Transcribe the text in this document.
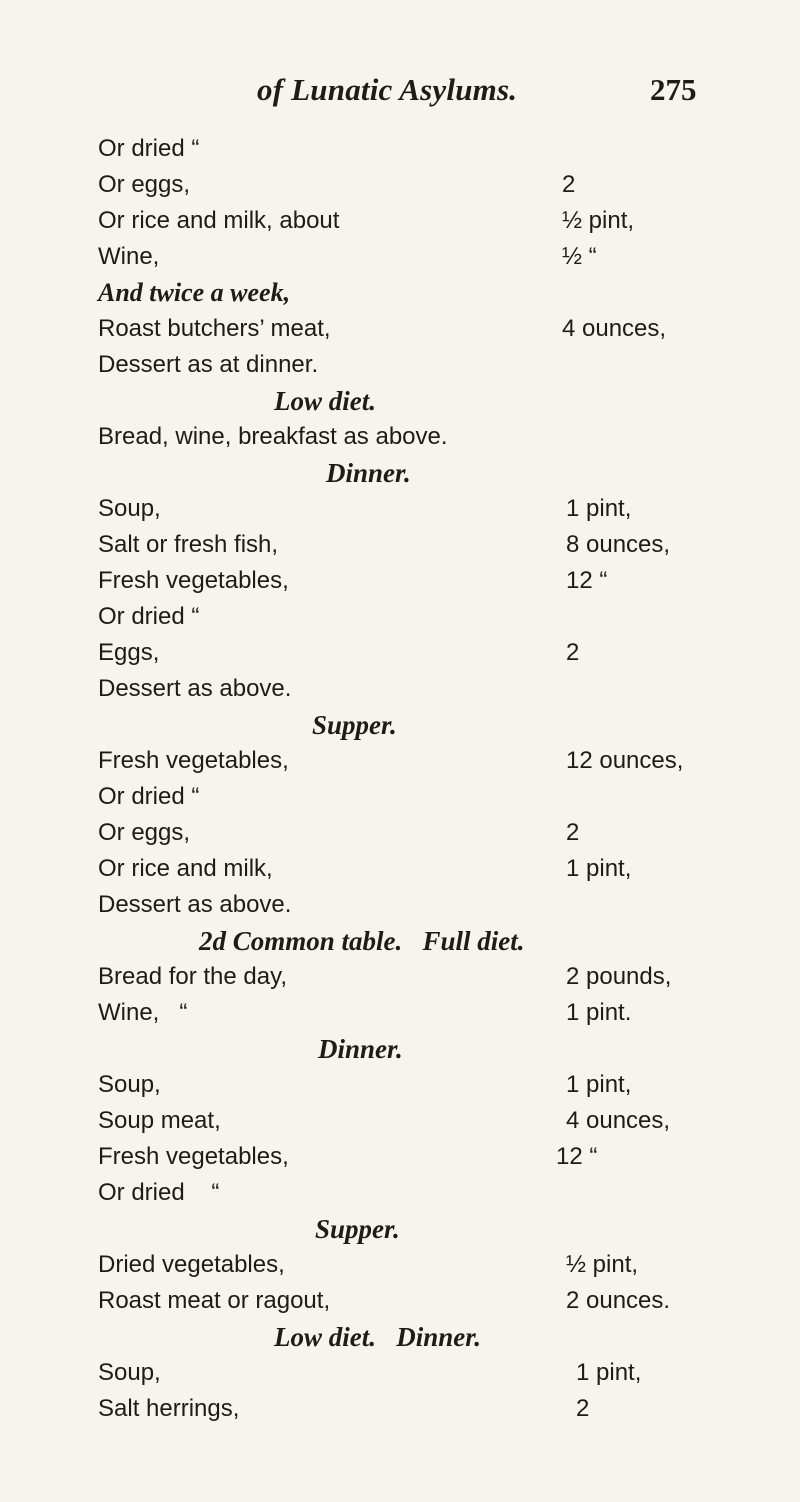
of Lunatic Asylums.	275
Or dried “
Or eggs,	2
Or rice and milk, about	½ pint,
Wine,	½ “
And twice a week,
Roast butchers’ meat,	4 ounces,
Dessert as at dinner.
Low diet.
Bread, wine, breakfast as above.
Dinner.
Soup,	1 pint,
Salt or fresh fish,	8 ounces,
Fresh vegetables,	12 “
Or dried “
Eggs,	2
Dessert as above.
Supper.
Fresh vegetables,	12 ounces,
Or dried “
Or eggs,	2
Or rice and milk,	1 pint,
Dessert as above.
2d Common table.   Full diet.
Bread for the day,	2 pounds,
Wine,   “	1 pint.
Dinner.
Soup,	1 pint,
Soup meat,	4 ounces,
Fresh vegetables,	12 “
Or dried    “
Supper.
Dried vegetables,	½ pint,
Roast meat or ragout,	2 ounces.
Low diet.   Dinner.
Soup,	1 pint,
Salt herrings,	2
